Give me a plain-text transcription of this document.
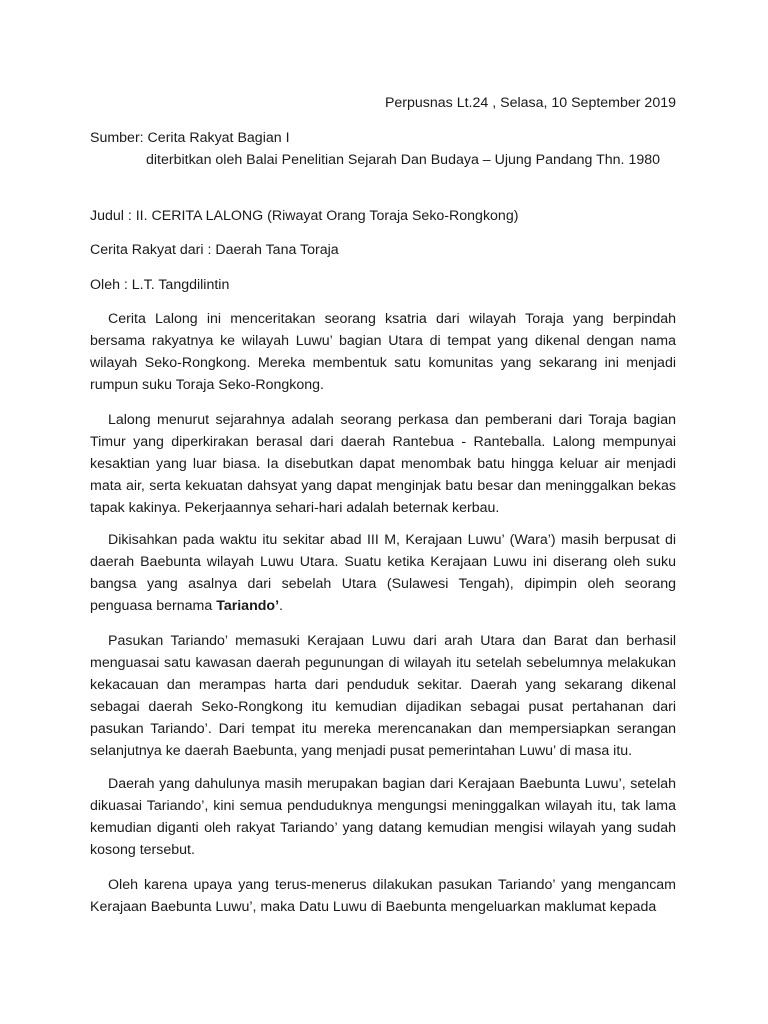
Perpusnas Lt.24 , Selasa, 10 September 2019
Sumber: Cerita Rakyat Bagian I
diterbitkan oleh Balai Penelitian Sejarah Dan Budaya – Ujung Pandang Thn. 1980
Judul : II. CERITA LALONG (Riwayat Orang Toraja Seko-Rongkong)
Cerita Rakyat dari : Daerah Tana Toraja
Oleh : L.T. Tangdilintin

Cerita Lalong ini menceritakan seorang ksatria dari wilayah Toraja yang berpindah bersama rakyatnya ke wilayah Luwu’ bagian Utara di tempat yang dikenal dengan nama wilayah Seko-Rongkong. Mereka membentuk satu komunitas yang sekarang ini menjadi rumpun suku Toraja Seko-Rongkong.

Lalong menurut sejarahnya adalah seorang perkasa dan pemberani dari Toraja bagian Timur yang diperkirakan berasal dari daerah Rantebua - Ranteballa. Lalong mempunyai kesaktian yang luar biasa. Ia disebutkan dapat menombak batu hingga keluar air menjadi mata air, serta kekuatan dahsyat yang dapat menginjak batu besar dan meninggalkan bekas tapak kakinya. Pekerjaannya sehari-hari adalah beternak kerbau.

Dikisahkan pada waktu itu sekitar abad III M, Kerajaan Luwu’ (Wara’) masih berpusat di daerah Baebunta wilayah Luwu Utara. Suatu ketika Kerajaan Luwu ini diserang oleh suku bangsa yang asalnya dari sebelah Utara (Sulawesi Tengah), dipimpin oleh seorang penguasa bernama Tariando’.

Pasukan Tariando’ memasuki Kerajaan Luwu dari arah Utara dan Barat dan berhasil menguasai satu kawasan daerah pegunungan di wilayah itu setelah sebelumnya melakukan kekacauan dan merampas harta dari penduduk sekitar. Daerah yang sekarang dikenal sebagai daerah Seko-Rongkong itu kemudian dijadikan sebagai pusat pertahanan dari pasukan Tariando’. Dari tempat itu mereka merencanakan dan mempersiapkan serangan selanjutnya ke daerah Baebunta, yang menjadi pusat pemerintahan Luwu’ di masa itu.

Daerah yang dahulunya masih merupakan bagian dari Kerajaan Baebunta Luwu’, setelah dikuasai Tariando’, kini semua penduduknya mengungsi meninggalkan wilayah itu, tak lama kemudian diganti oleh rakyat Tariando’ yang datang kemudian mengisi wilayah yang sudah kosong tersebut.

Oleh karena upaya yang terus-menerus dilakukan pasukan Tariando’ yang mengancam Kerajaan Baebunta Luwu’, maka Datu Luwu di Baebunta mengeluarkan maklumat kepada
